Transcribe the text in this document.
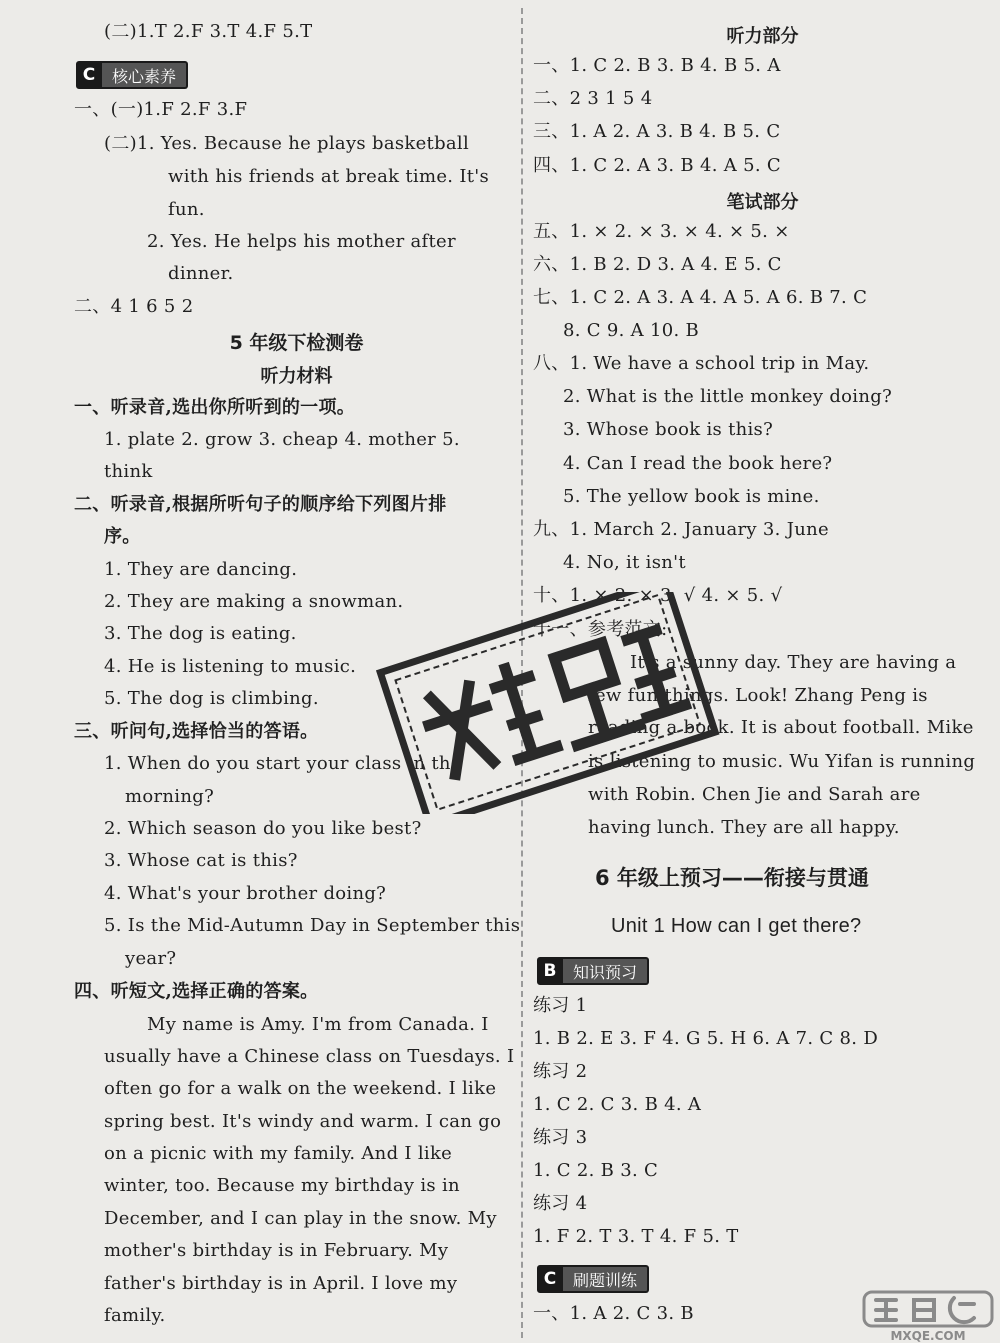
(二)1.T 2.F 3.T 4.F 5.T
C	核心素养
一、(一)1.F 2.F 3.F
(二)1. Yes. Because he plays basketball
with his friends at break time. It's
fun.
2. Yes. He helps his mother after
dinner.
二、4 1 6 5 2
5 年级下检测卷
听力材料
一、听录音,选出你所听到的一项。
1. plate 2. grow 3. cheap 4. mother 5.
think
二、听录音,根据所听句子的顺序给下列图片排
序。
1. They are dancing.
2. They are making a snowman.
3. The dog is eating.
4. He is listening to music.
5. The dog is climbing.
三、听问句,选择恰当的答语。
1. When do you start your class in the
morning?
2. Which season do you like best?
3. Whose cat is this?
4. What's your brother doing?
5. Is the Mid-Autumn Day in September this
year?
四、听短文,选择正确的答案。
My name is Amy. I'm from Canada. I
usually have a Chinese class on Tuesdays. I
often go for a walk on the weekend. I like
spring best. It's windy and warm. I can go
on a picnic with my family. And I like
winter, too. Because my birthday is in
December, and I can play in the snow. My
mother's birthday is in February. My
father's birthday is in April. I love my
family.
听力部分
一、1. C 2. B 3. B 4. B 5. A
二、2 3 1 5 4
三、1. A 2. A 3. B 4. B 5. C
四、1. C 2. A 3. B 4. A 5. C
笔试部分
五、1. × 2. × 3. × 4. × 5. ×
六、1. B 2. D 3. A 4. E 5. C
七、1. C 2. A 3. A 4. A 5. A 6. B 7. C
8. C 9. A 10. B
八、1. We have a school trip in May.
2. What is the little monkey doing?
3. Whose book is this?
4. Can I read the book here?
5. The yellow book is mine.
九、1. March 2. January 3. June
4. No, it isn't
十、1. × 2. × 3. √ 4. × 5. √
十一、参考范文:
It's a sunny day. They are having a
few fun things. Look! Zhang Peng is
reading a book. It is about football. Mike
is listening to music. Wu Yifan is running
with Robin. Chen Jie and Sarah are
having lunch. They are all happy.
6 年级上预习——衔接与贯通
Unit 1 How can I get there?
B	知识预习
练习 1
1. B 2. E 3. F 4. G 5. H 6. A 7. C 8. D
练习 2
1. C 2. C 3. B 4. A
练习 3
1. C 2. B 3. C
练习 4
1. F 2. T 3. T 4. F 5. T
C	刷题训练
一、1. A 2. C 3. B
MXQE.COM
